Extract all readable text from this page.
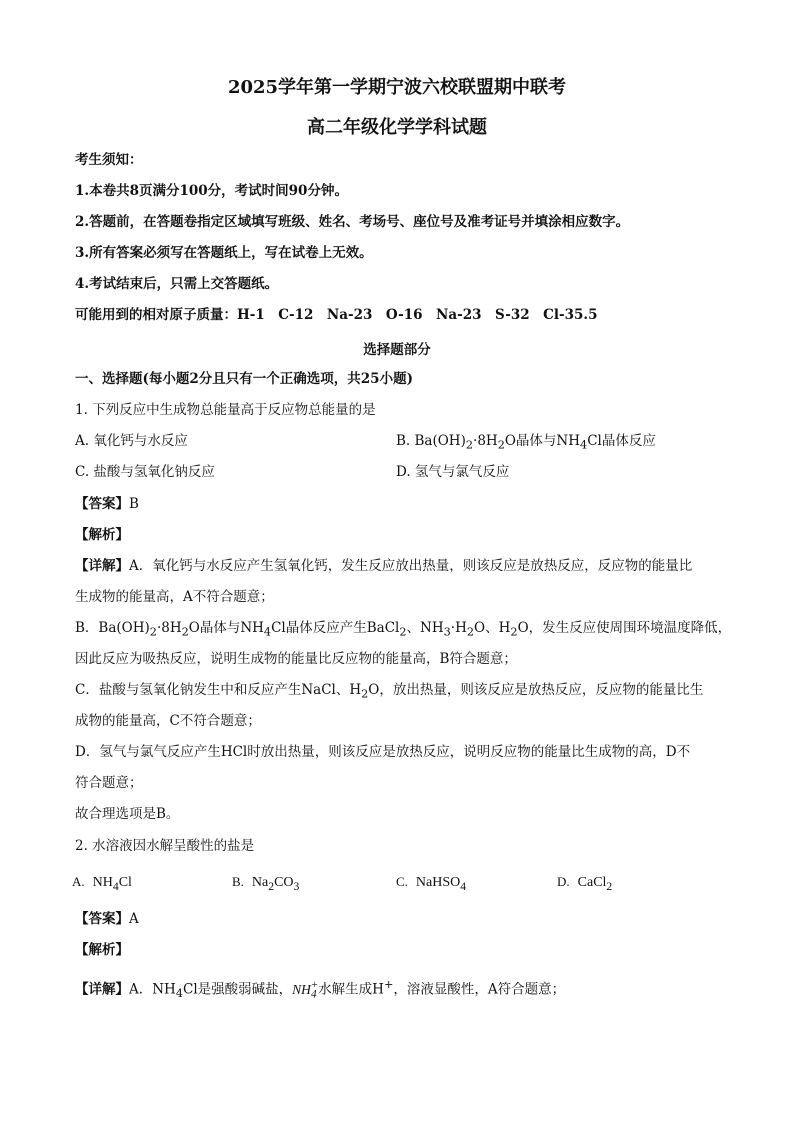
2025学年第一学期宁波六校联盟期中联考
高二年级化学学科试题
考生须知：
1.本卷共8页满分100分，考试时间90分钟。
2.答题前，在答题卷指定区域填写班级、姓名、考场号、座位号及准考证号并填涂相应数字。
3.所有答案必须写在答题纸上，写在试卷上无效。
4.考试结束后，只需上交答题纸。
可能用到的相对原子质量：H-1　C-12　Na-23　O-16　Na-23　S-32　Cl-35.5
选择题部分
一、选择题(每小题2分且只有一个正确选项，共25小题)
1. 下列反应中生成物总能量高于反应物总能量的是
A. 氧化钙与水反应	B. $Ba(OH)_2\cdot 8H_2O$晶体与$NH_4Cl$晶体反应
C. 盐酸与氢氧化钠反应	D. 氢气与氯气反应
【答案】B
【解析】
【详解】A．氧化钙与水反应产生氢氧化钙，发生反应放出热量，则该反应是放热反应，反应物的能量比
生成物的能量高，A不符合题意；
B．$Ba(OH)_2\cdot 8H_2O$晶体与$NH_4Cl$晶体反应产生BaCl$_2$、$NH_3\cdot H_2O$、$H_2O$，发生反应使周围环境温度降低，
因此反应为吸热反应，说明生成物的能量比反应物的能量高，B符合题意；
C．盐酸与氢氧化钠发生中和反应产生NaCl、$H_2O$，放出热量，则该反应是放热反应，反应物的能量比生
成物的能量高，C不符合题意；
D．氢气与氯气反应产生HCl时放出热量，则该反应是放热反应，说明反应物的能量比生成物的高，D不
符合题意；
故合理选项是B。
2. 水溶液因水解呈酸性的盐是
A. $NH_4Cl$	B. $Na_2CO_3$	C. NaHSO$_4$	D. CaCl$_2$
【答案】A
【解析】
【详解】A．$NH_4Cl$是强酸弱碱盐，$NH_4^+$水解生成H+，溶液显酸性，A符合题意；
